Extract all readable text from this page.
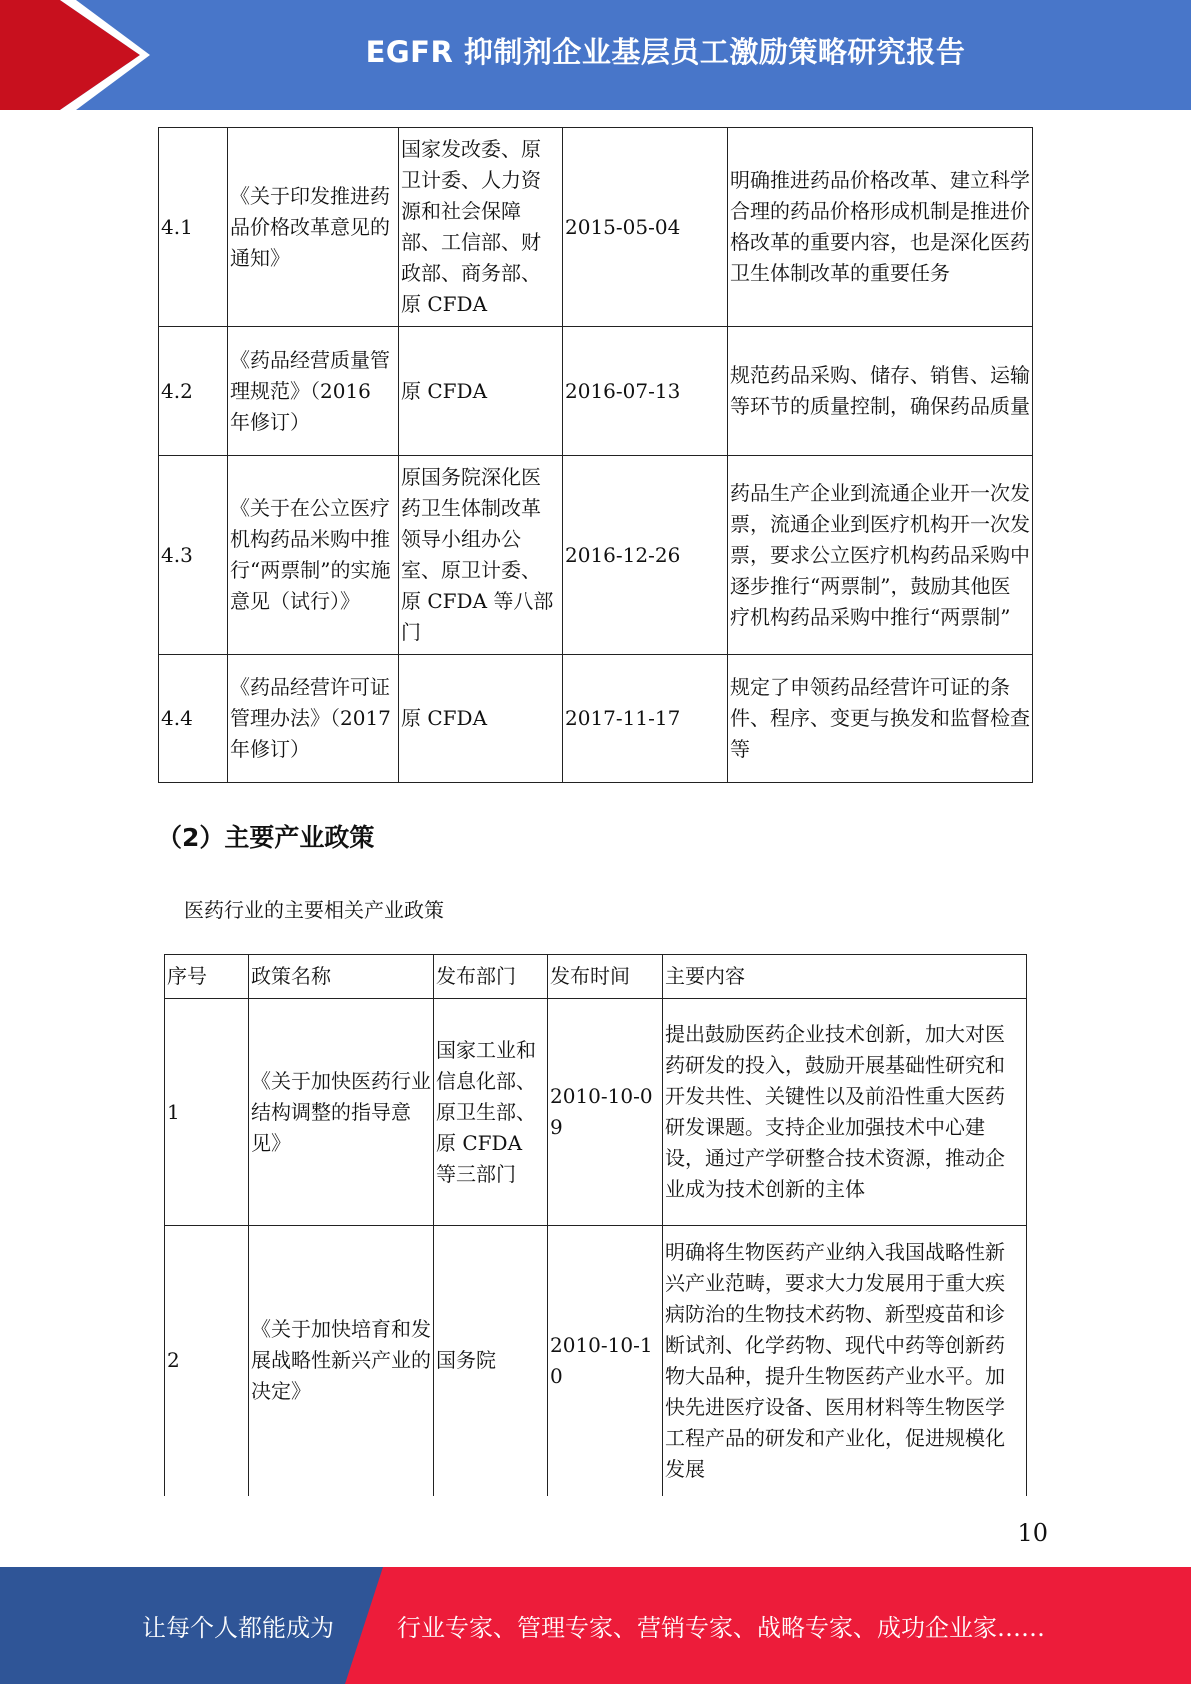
EGFR 抑制剂企业基层员工激励策略研究报告
4.1	《关于印发推进药品价格改革意见的通知》	国家发改委、原卫计委、人力资源和社会保障部、工信部、财政部、商务部、原 CFDA	2015-05-04	明确推进药品价格改革、建立科学合理的药品价格形成机制是推进价格改革的重要内容，也是深化医药卫生体制改革的重要任务
4.2	《药品经营质量管理规范》（2016 年修订）	原 CFDA	2016-07-13	规范药品采购、储存、销售、运输等环节的质量控制，确保药品质量
4.3	《关于在公立医疗机构药品米购中推行“两票制”的实施意见（试行）》	原国务院深化医药卫生体制改革领导小组办公室、原卫计委、原 CFDA 等八部门	2016-12-26	药品生产企业到流通企业开一次发票，流通企业到医疗机构开一次发票，要求公立医疗机构药品采购中逐步推行“两票制”，鼓励其他医疗机构药品采购中推行“两票制”
4.4	《药品经营许可证管理办法》（2017 年修订）	原 CFDA	2017-11-17	规定了申领药品经营许可证的条件、程序、变更与换发和监督检查等
（2）主要产业政策
医药行业的主要相关产业政策
序号	政策名称	发布部门	发布时间	主要内容
1	《关于加快医药行业结构调整的指导意见》	国家工业和信息化部、原卫生部、原 CFDA 等三部门	2010-10-09	提出鼓励医药企业技术创新，加大对医药研发的投入，鼓励开展基础性研究和开发共性、关键性以及前沿性重大医药研发课题。支持企业加强技术中心建设，通过产学研整合技术资源，推动企业成为技术创新的主体
2	《关于加快培育和发展战略性新兴产业的决定》	国务院	2010-10-10	明确将生物医药产业纳入我国战略性新兴产业范畴，要求大力发展用于重大疾病防治的生物技术药物、新型疫苗和诊断试剂、化学药物、现代中药等创新药物大品种，提升生物医药产业水平。加快先进医疗设备、医用材料等生物医学工程产品的研发和产业化，促进规模化发展
10
让每个人都能成为	行业专家、管理专家、营销专家、战略专家、成功企业家……
